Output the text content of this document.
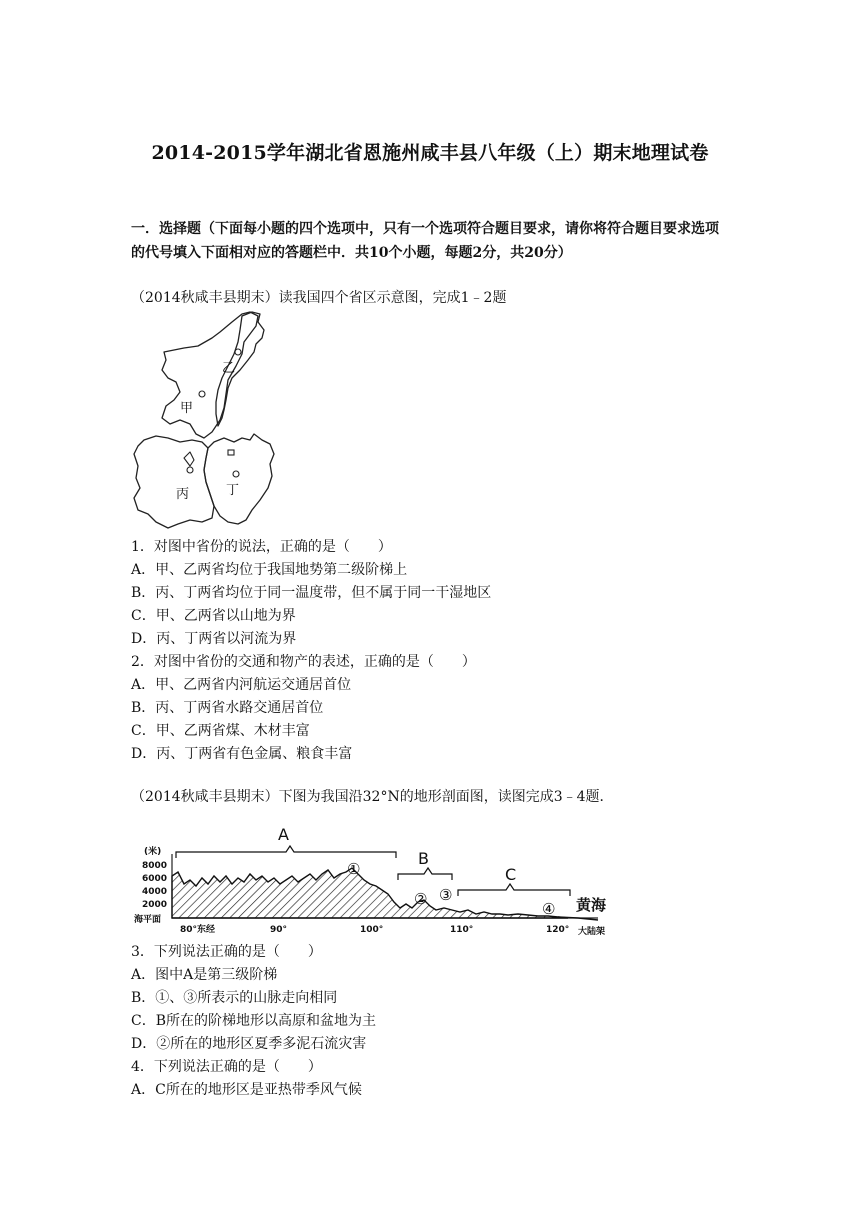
2014-2015学年湖北省恩施州咸丰县八年级（上）期末地理试卷
一．选择题（下面每小题的四个选项中，只有一个选项符合题目要求，请你将符合题目要求选项的代号填入下面相对应的答题栏中．共10个小题，每题2分，共20分）
（2014秋咸丰县期末）读我国四个省区示意图，完成1﹣2题
乙
甲
丁
丙
1．对图中省份的说法，正确的是（　　）
A．甲、乙两省均位于我国地势第二级阶梯上
B．丙、丁两省均位于同一温度带，但不属于同一干湿地区
C．甲、乙两省以山地为界
D．丙、丁两省以河流为界
2．对图中省份的交通和物产的表述，正确的是（　　）
A．甲、乙两省内河航运交通居首位
B．丙、丁两省水路交通居首位
C．甲、乙两省煤、木材丰富
D．丙、丁两省有色金属、粮食丰富
（2014秋咸丰县期末）下图为我国沿32°N的地形剖面图，读图完成3﹣4题．
A
B
C
①
② ③
④
(米)
8000
6000
4000
2000
海平面
80°东经	90°	100°	110°	120° 大陆架
黄海
3．下列说法正确的是（　　）
A．图中A是第三级阶梯
B．①、③所表示的山脉走向相同
C．B所在的阶梯地形以高原和盆地为主
D．②所在的地形区夏季多泥石流灾害
4．下列说法正确的是（　　）
A．C所在的地形区是亚热带季风气候
